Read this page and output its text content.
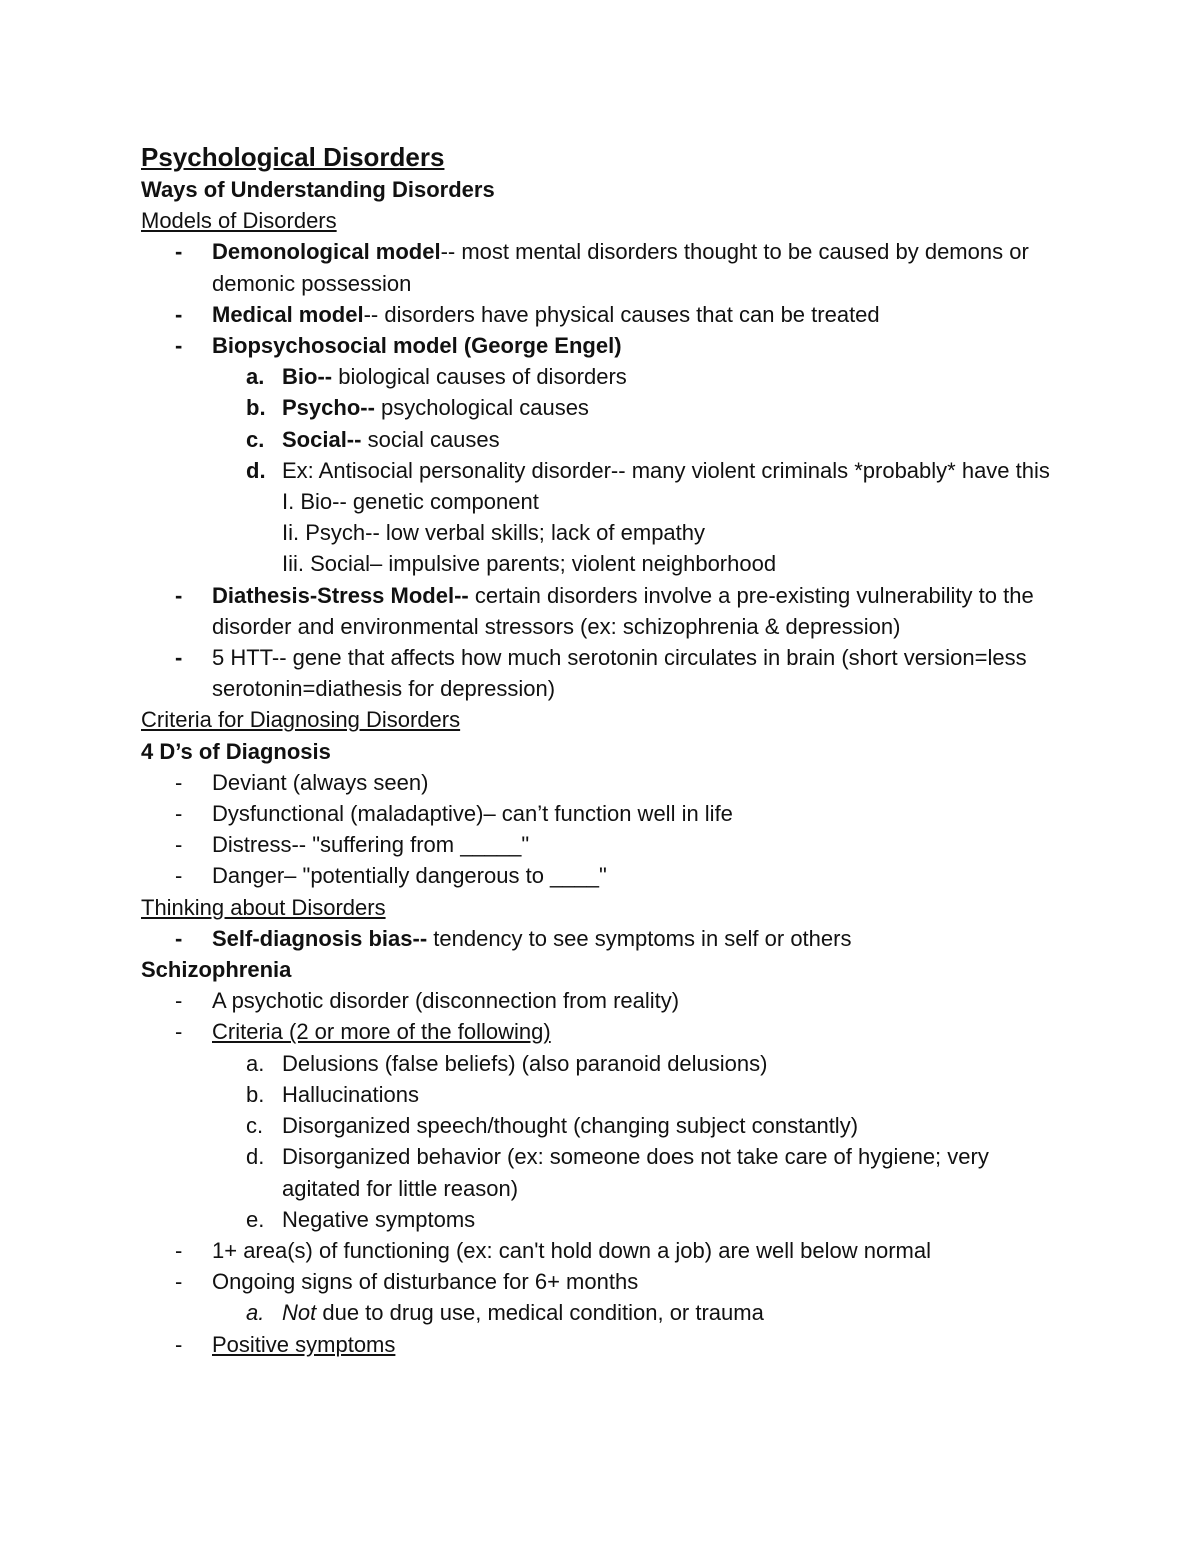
Psychological Disorders
Ways of Understanding Disorders
Models of Disorders
-	Demonological model-- most mental disorders thought to be caused by demons or demonic possession
-	Medical model-- disorders have physical causes that can be treated
-	Biopsychosocial model (George Engel)
a. Bio-- biological causes of disorders
b. Psycho-- psychological causes
c. Social-- social causes
d. Ex: Antisocial personality disorder-- many violent criminals *probably* have this
I. Bio-- genetic component
Ii. Psych-- low verbal skills; lack of empathy
Iii. Social– impulsive parents; violent neighborhood
-	Diathesis-Stress Model-- certain disorders involve a pre-existing vulnerability to the disorder and environmental stressors (ex: schizophrenia & depression)
-	5 HTT-- gene that affects how much serotonin circulates in brain (short version=less serotonin=diathesis for depression)
Criteria for Diagnosing Disorders
4 D’s of Diagnosis
-	Deviant (always seen)
-	Dysfunctional (maladaptive)– can’t function well in life
-	Distress-- "suffering from _____"
-	Danger– "potentially dangerous to ____"
Thinking about Disorders
-	Self-diagnosis bias-- tendency to see symptoms in self or others
Schizophrenia
-	A psychotic disorder (disconnection from reality)
-	Criteria (2 or more of the following)
a. Delusions (false beliefs) (also paranoid delusions)
b. Hallucinations
c. Disorganized speech/thought (changing subject constantly)
d. Disorganized behavior (ex: someone does not take care of hygiene; very agitated for little reason)
e. Negative symptoms
-	1+ area(s) of functioning (ex: can't hold down a job) are well below normal
-	Ongoing signs of disturbance for 6+ months
a. Not due to drug use, medical condition, or trauma
-	Positive symptoms
